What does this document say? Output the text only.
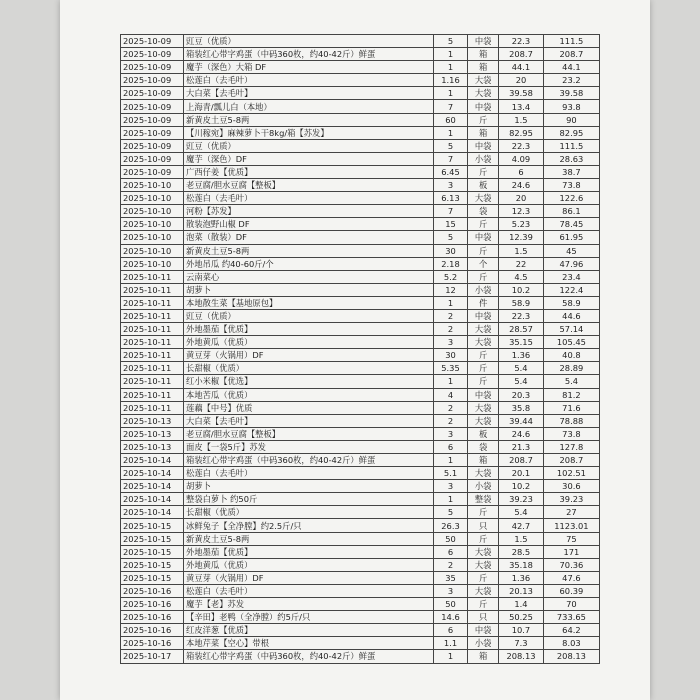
2025-10-09	豇豆（优质）	5	中袋	22.3	111.5
2025-10-09	箱装红心带字鸡蛋（中码360枚，约40-42斤）鲜蛋	1	箱	208.7	208.7
2025-10-09	魔芋（深色）大箱 DF	1	箱	44.1	44.1
2025-10-09	松莲白（去毛叶）	1.16	大袋	20	23.2
2025-10-09	大白菜【去毛叶】	1	大袋	39.58	39.58
2025-10-09	上海青/瓢儿白（本地）	7	中袋	13.4	93.8
2025-10-09	新黄皮土豆5-8两	60	斤	1.5	90
2025-10-09	【川稼宛】麻辣萝卜干8kg/箱【苏发】	1	箱	82.95	82.95
2025-10-09	豇豆（优质）	5	中袋	22.3	111.5
2025-10-09	魔芋（深色）DF	7	小袋	4.09	28.63
2025-10-09	广西仔姜【优质】	6.45	斤	6	38.7
2025-10-10	老豆腐/胆水豆腐【整板】	3	板	24.6	73.8
2025-10-10	松莲白（去毛叶）	6.13	大袋	20	122.6
2025-10-10	河粉【苏发】	7	袋	12.3	86.1
2025-10-10	散装泡野山椒 DF	15	斤	5.23	78.45
2025-10-10	泡菜（散装）DF	5	中袋	12.39	61.95
2025-10-10	新黄皮土豆5-8两	30	斤	1.5	45
2025-10-10	外地吊瓜 约40-60斤/个	2.18	个	22	47.96
2025-10-11	云南菜心	5.2	斤	4.5	23.4
2025-10-11	胡萝卜	12	小袋	10.2	122.4
2025-10-11	本地散生菜【基地原包】	1	件	58.9	58.9
2025-10-11	豇豆（优质）	2	中袋	22.3	44.6
2025-10-11	外地墨茄【优质】	2	大袋	28.57	57.14
2025-10-11	外地黄瓜（优质）	3	大袋	35.15	105.45
2025-10-11	黄豆芽（火锅用）DF	30	斤	1.36	40.8
2025-10-11	长甜椒（优质）	5.35	斤	5.4	28.89
2025-10-11	红小米椒【优选】	1	斤	5.4	5.4
2025-10-11	本地苦瓜（优质）	4	中袋	20.3	81.2
2025-10-11	莲藕【中号】优质	2	大袋	35.8	71.6
2025-10-13	大白菜【去毛叶】	2	大袋	39.44	78.88
2025-10-13	老豆腐/胆水豆腐【整板】	3	板	24.6	73.8
2025-10-13	面皮【一袋5斤】苏发	6	袋	21.3	127.8
2025-10-14	箱装红心带字鸡蛋（中码360枚，约40-42斤）鲜蛋	1	箱	208.7	208.7
2025-10-14	松莲白（去毛叶）	5.1	大袋	20.1	102.51
2025-10-14	胡萝卜	3	小袋	10.2	30.6
2025-10-14	整袋白萝卜 约50斤	1	整袋	39.23	39.23
2025-10-14	长甜椒（优质）	5	斤	5.4	27
2025-10-15	冰鲜兔子【全净膛】约2.5斤/只	26.3	只	42.7	1123.01
2025-10-15	新黄皮土豆5-8两	50	斤	1.5	75
2025-10-15	外地墨茄【优质】	6	大袋	28.5	171
2025-10-15	外地黄瓜（优质）	2	大袋	35.18	70.36
2025-10-15	黄豆芽（火锅用）DF	35	斤	1.36	47.6
2025-10-16	松莲白（去毛叶）	3	大袋	20.13	60.39
2025-10-16	魔芋【老】苏发	50	斤	1.4	70
2025-10-16	【辛田】老鸭（全净膛）约5斤/只	14.6	只	50.25	733.65
2025-10-16	红皮洋葱【优质】	6	中袋	10.7	64.2
2025-10-16	本地芹菜【空心】带根	1.1	小袋	7.3	8.03
2025-10-17	箱装红心带字鸡蛋（中码360枚，约40-42斤）鲜蛋	1	箱	208.13	208.13
